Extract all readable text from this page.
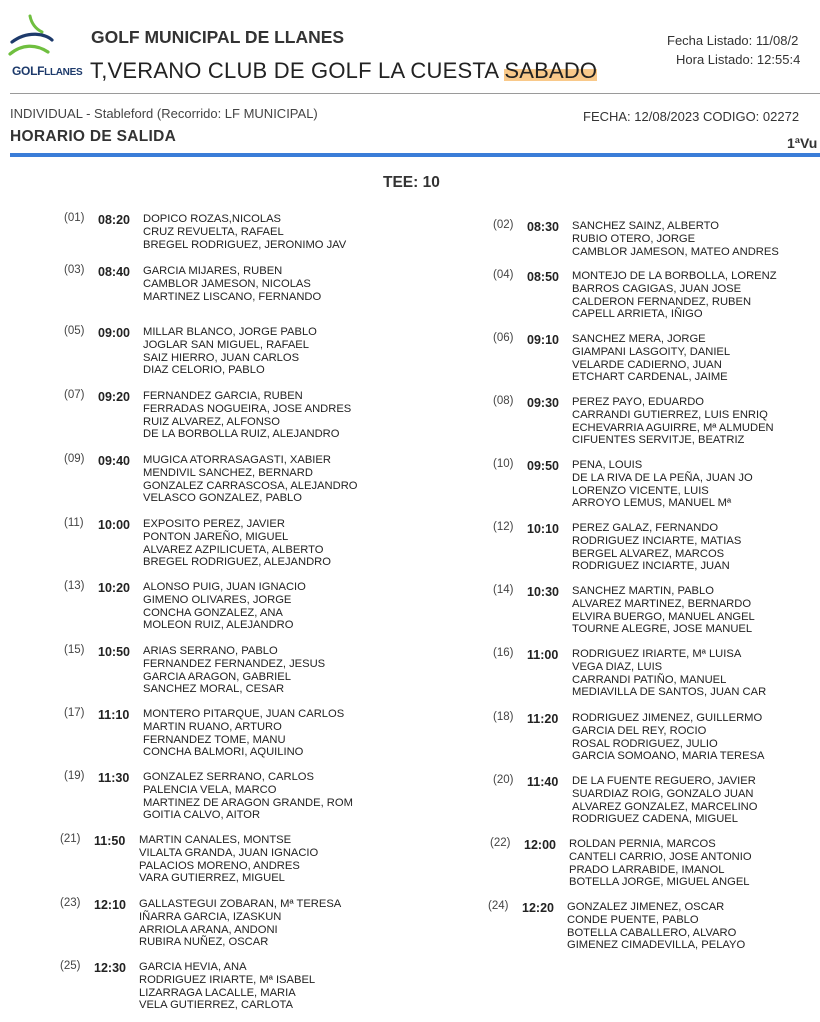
GOLFLLANES
GOLF MUNICIPAL DE LLANES
T,VERANO CLUB DE GOLF LA CUESTA SABADO
Fecha Listado: 11/08/2
Hora Listado: 12:55:4
INDIVIDUAL - Stableford (Recorrido: LF MUNICIPAL)	FECHA: 12/08/2023 CODIGO: 02272
HORARIO DE SALIDA	1ªVu
TEE: 10
(01) 08:20 DOPICO ROZAS,NICOLAS
CRUZ REVUELTA, RAFAEL
BREGEL RODRIGUEZ, JERONIMO JAV
(02) 08:30 SANCHEZ SAINZ, ALBERTO
RUBIO OTERO, JORGE
CAMBLOR JAMESON, MATEO ANDRES
(03) 08:40 GARCIA MIJARES, RUBEN
CAMBLOR JAMESON, NICOLAS
MARTINEZ LISCANO, FERNANDO
(04) 08:50 MONTEJO DE LA BORBOLLA, LORENZ
BARROS CAGIGAS, JUAN JOSE
CALDERON FERNANDEZ, RUBEN
CAPELL ARRIETA, IÑIGO
(05) 09:00 MILLAR BLANCO, JORGE PABLO
JOGLAR SAN MIGUEL, RAFAEL
SAIZ HIERRO, JUAN CARLOS
DIAZ CELORIO, PABLO
(06) 09:10 SANCHEZ MERA, JORGE
GIAMPANI LASGOITY, DANIEL
VELARDE CADIERNO, JUAN
ETCHART CARDENAL, JAIME
(07) 09:20 FERNANDEZ GARCIA, RUBEN
FERRADAS NOGUEIRA, JOSE ANDRES
RUIZ ALVAREZ, ALFONSO
DE LA BORBOLLA RUIZ, ALEJANDRO
(08) 09:30 PEREZ PAYO, EDUARDO
CARRANDI GUTIERREZ, LUIS ENRIQ
ECHEVARRIA AGUIRRE, Mª ALMUDEN
CIFUENTES SERVITJE, BEATRIZ
(09) 09:40 MUGICA ATORRASAGASTI, XABIER
MENDIVIL SANCHEZ, BERNARD
GONZALEZ CARRASCOSA, ALEJANDRO
VELASCO GONZALEZ, PABLO
(10) 09:50 PENA, LOUIS
DE LA RIVA DE LA PEÑA, JUAN JO
LORENZO VICENTE, LUIS
ARROYO LEMUS, MANUEL Mª
(11) 10:00 EXPOSITO PEREZ, JAVIER
PONTON JAREÑO, MIGUEL
ALVAREZ AZPILICUETA, ALBERTO
BREGEL RODRIGUEZ, ALEJANDRO
(12) 10:10 PEREZ GALAZ, FERNANDO
RODRIGUEZ INCIARTE, MATIAS
BERGEL ALVAREZ, MARCOS
RODRIGUEZ INCIARTE, JUAN
(13) 10:20 ALONSO PUIG, JUAN IGNACIO
GIMENO OLIVARES, JORGE
CONCHA GONZALEZ, ANA
MOLEON RUIZ, ALEJANDRO
(14) 10:30 SANCHEZ MARTIN, PABLO
ALVAREZ MARTINEZ, BERNARDO
ELVIRA BUERGO, MANUEL ANGEL
TOURNE ALEGRE, JOSE MANUEL
(15) 10:50 ARIAS SERRANO, PABLO
FERNANDEZ FERNANDEZ, JESUS
GARCIA ARAGON, GABRIEL
SANCHEZ MORAL, CESAR
(16) 11:00 RODRIGUEZ IRIARTE, Mª LUISA
VEGA DIAZ, LUIS
CARRANDI PATIÑO, MANUEL
MEDIAVILLA DE SANTOS, JUAN CAR
(17) 11:10 MONTERO PITARQUE, JUAN CARLOS
MARTIN RUANO, ARTURO
FERNANDEZ TOME, MANU
CONCHA BALMORI, AQUILINO
(18) 11:20 RODRIGUEZ JIMENEZ, GUILLERMO
GARCIA DEL REY, ROCIO
ROSAL RODRIGUEZ, JULIO
GARCIA SOMOANO, MARIA TERESA
(19) 11:30 GONZALEZ SERRANO, CARLOS
PALENCIA VELA, MARCO
MARTINEZ DE ARAGON GRANDE, ROM
GOITIA CALVO, AITOR
(20) 11:40 DE LA FUENTE REGUERO, JAVIER
SUARDIAZ ROIG, GONZALO JUAN
ALVAREZ GONZALEZ, MARCELINO
RODRIGUEZ CADENA, MIGUEL
(21) 11:50 MARTIN CANALES, MONTSE
VILALTA GRANDA, JUAN IGNACIO
PALACIOS MORENO, ANDRES
VARA GUTIERREZ, MIGUEL
(22) 12:00 ROLDAN PERNIA, MARCOS
CANTELI CARRIO, JOSE ANTONIO
PRADO LARRABIDE, IMANOL
BOTELLA JORGE, MIGUEL ANGEL
(23) 12:10 GALLASTEGUI ZOBARAN, Mª TERESA
IÑARRA GARCIA, IZASKUN
ARRIOLA ARANA, ANDONI
RUBIRA NUÑEZ, OSCAR
(24) 12:20 GONZALEZ JIMENEZ, OSCAR
CONDE PUENTE, PABLO
BOTELLA CABALLERO, ALVARO
GIMENEZ CIMADEVILLA, PELAYO
(25) 12:30 GARCIA HEVIA, ANA
RODRIGUEZ IRIARTE, Mª ISABEL
LIZARRAGA LACALLE, MARIA
VELA GUTIERREZ, CARLOTA
